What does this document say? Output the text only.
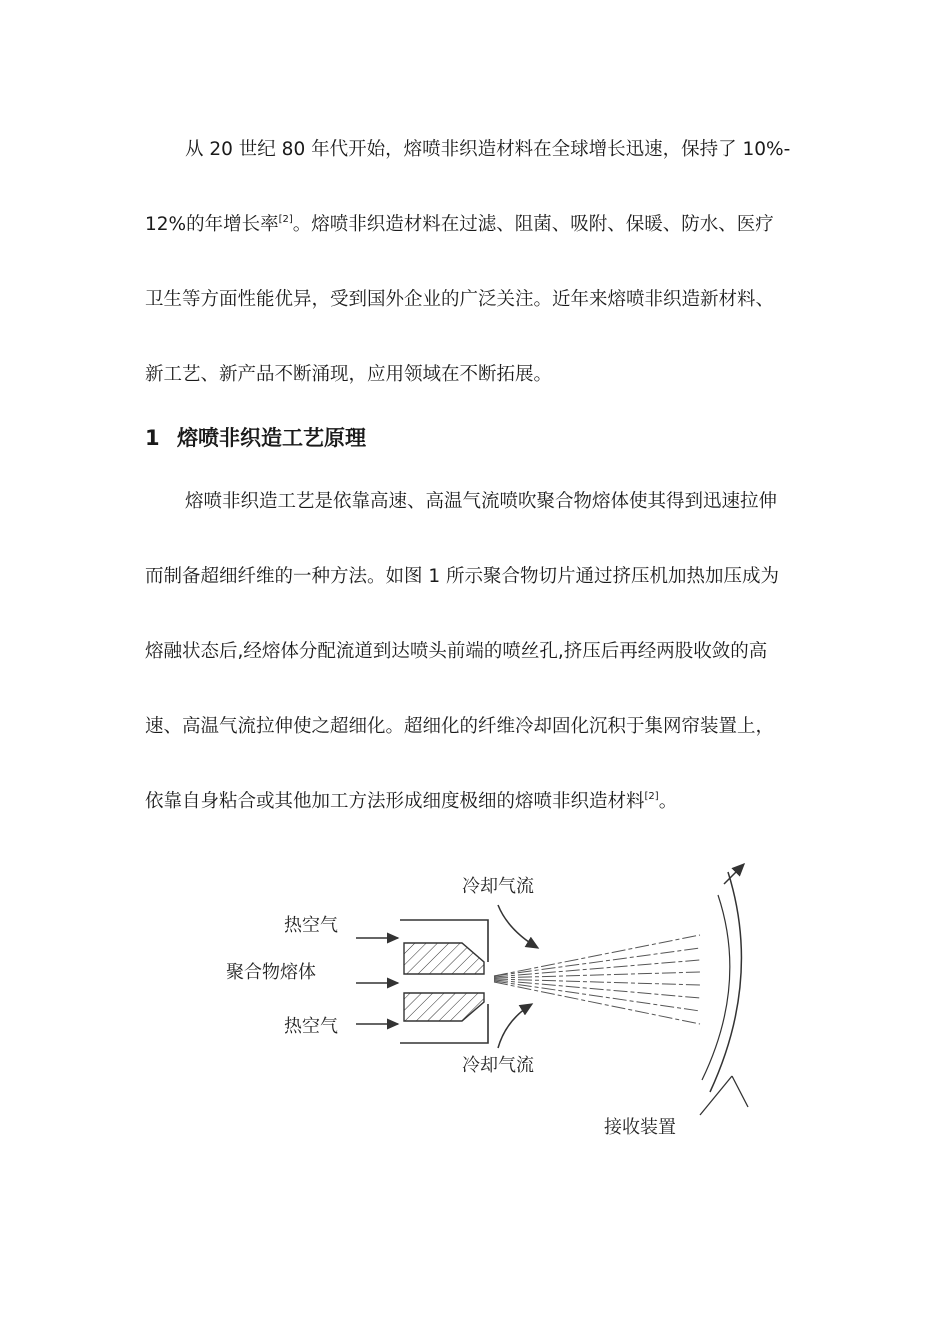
从 20 世纪 80 年代开始，熔喷非织造材料在全球增长迅速，保持了 10%-
12%的年增长率[2]。熔喷非织造材料在过滤、阻菌、吸附、保暖、防水、医疗
卫生等方面性能优异，受到国外企业的广泛关注。近年来熔喷非织造新材料、
新工艺、新产品不断涌现，应用领域在不断拓展。
1 熔喷非织造工艺原理
熔喷非织造工艺是依靠高速、高温气流喷吹聚合物熔体使其得到迅速拉伸
而制备超细纤维的一种方法。如图 1 所示聚合物切片通过挤压机加热加压成为
熔融状态后,经熔体分配流道到达喷头前端的喷丝孔,挤压后再经两股收敛的高
速、高温气流拉伸使之超细化。超细化的纤维冷却固化沉积于集网帘装置上，
依靠自身粘合或其他加工方法形成细度极细的熔喷非织造材料[2]。
冷却气流
热空气
聚合物熔体
热空气
冷却气流
接收装置
